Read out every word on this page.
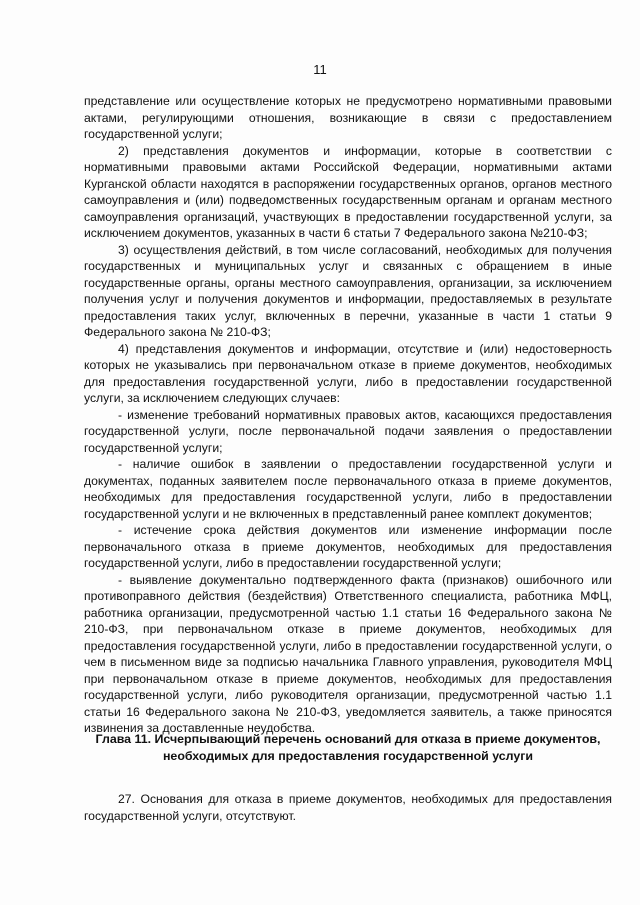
11

представление или осуществление которых не предусмотрено нормативными правовыми актами, регулирующими отношения, возникающие в связи с предоставлением государственной услуги;

2) представления документов и информации, которые в соответствии с нормативными правовыми актами Российской Федерации, нормативными актами Курганской области находятся в распоряжении государственных органов, органов местного самоуправления и (или) подведомственных государственным органам и органам местного самоуправления организаций, участвующих в предоставлении государственной услуги, за исключением документов, указанных в части 6 статьи 7 Федерального закона №210-ФЗ;

3) осуществления действий, в том числе согласований, необходимых для получения государственных и муниципальных услуг и связанных с обращением в иные государственные органы, органы местного самоуправления, организации, за исключением получения услуг и получения документов и информации, предоставляемых в результате предоставления таких услуг, включенных в перечни, указанные в части 1 статьи 9 Федерального закона № 210-ФЗ;

4) представления документов и информации, отсутствие и (или) недостоверность которых не указывались при первоначальном отказе в приеме документов, необходимых для предоставления государственной услуги, либо в предоставлении государственной услуги, за исключением следующих случаев:

- изменение требований нормативных правовых актов, касающихся предоставления государственной услуги, после первоначальной подачи заявления о предоставлении государственной услуги;

- наличие ошибок в заявлении о предоставлении государственной услуги и документах, поданных заявителем после первоначального отказа в приеме документов, необходимых для предоставления государственной услуги, либо в предоставлении государственной услуги и не включенных в представленный ранее комплект документов;

- истечение срока действия документов или изменение информации после первоначального отказа в приеме документов, необходимых для предоставления государственной услуги, либо в предоставлении государственной услуги;

- выявление документально подтвержденного факта (признаков) ошибочного или противоправного действия (бездействия) Ответственного специалиста, работника МФЦ, работника организации, предусмотренной частью 1.1 статьи 16 Федерального закона № 210-ФЗ, при первоначальном отказе в приеме документов, необходимых для предоставления государственной услуги, либо в предоставлении государственной услуги, о чем в письменном виде за подписью начальника Главного управления, руководителя МФЦ при первоначальном отказе в приеме документов, необходимых для предоставления государственной услуги, либо руководителя организации, предусмотренной частью 1.1 статьи 16 Федерального закона № 210-ФЗ, уведомляется заявитель, а также приносятся извинения за доставленные неудобства.

Глава 11. Исчерпывающий перечень оснований для отказа в приеме документов,
необходимых для предоставления государственной услуги

27. Основания для отказа в приеме документов, необходимых для предоставления государственной услуги, отсутствуют.
